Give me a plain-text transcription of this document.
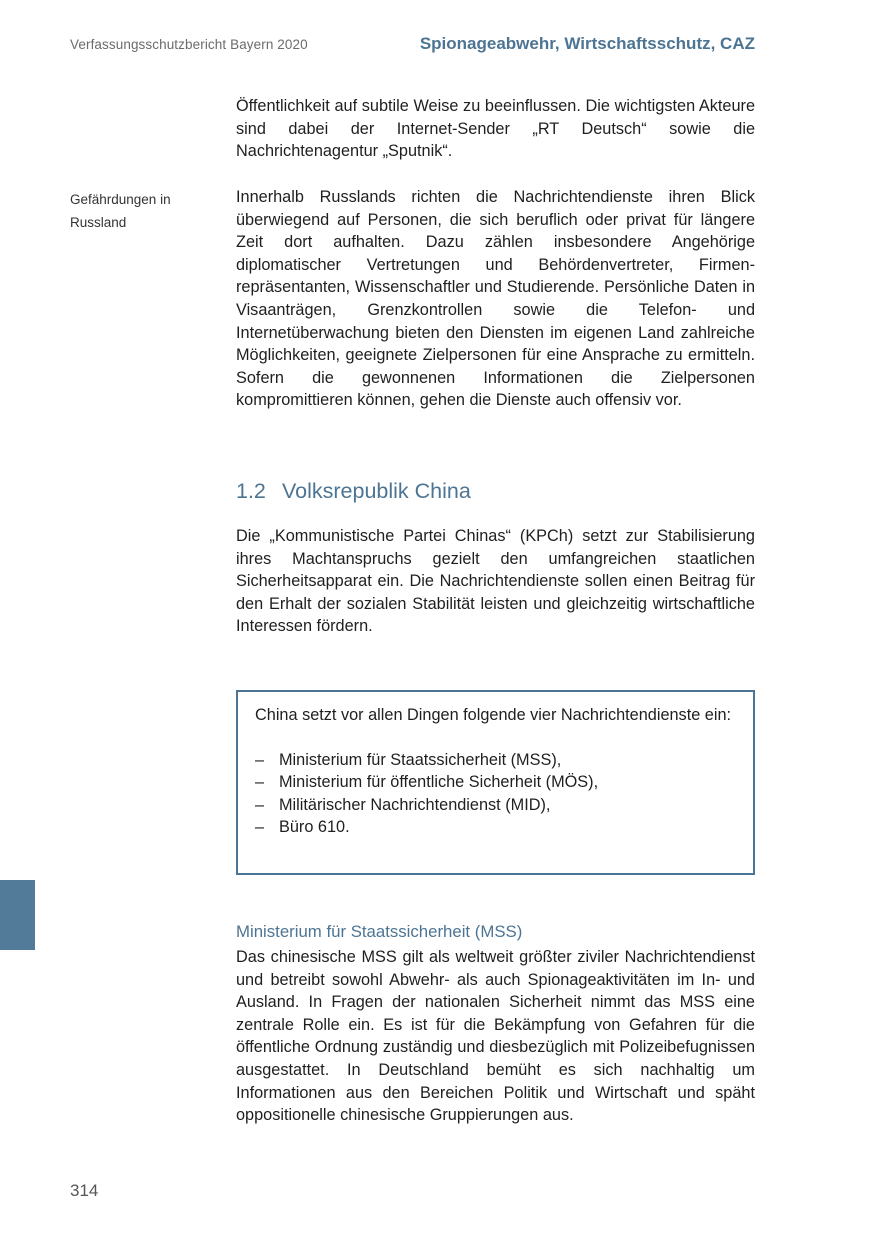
Verfassungsschutzbericht Bayern 2020	Spionageabwehr, Wirtschaftsschutz, CAZ
Öffentlichkeit auf subtile Weise zu beeinflussen. Die wichtigsten Akteure sind dabei der Internet-Sender „RT Deutsch“ sowie die Nachrichtenagentur „Sputnik“.
Gefährdungen in Russland
Innerhalb Russlands richten die Nachrichtendienste ihren Blick überwiegend auf Personen, die sich beruflich oder privat für längere Zeit dort aufhalten. Dazu zählen insbesondere Angehörige diplomatischer Vertretungen und Behördenvertreter, Firmenrepräsentanten, Wissenschaftler und Studierende. Persönliche Daten in Visaanträgen, Grenzkontrollen sowie die Telefon- und Internetüberwachung bieten den Diensten im eigenen Land zahlreiche Möglichkeiten, geeignete Zielpersonen für eine Ansprache zu ermitteln. Sofern die gewonnenen Informationen die Zielpersonen kompromittieren können, gehen die Dienste auch offensiv vor.
1.2 Volksrepublik China
Die „Kommunistische Partei Chinas“ (KPCh) setzt zur Stabilisierung ihres Machtanspruchs gezielt den umfangreichen staatlichen Sicherheitsapparat ein. Die Nachrichtendienste sollen einen Beitrag für den Erhalt der sozialen Stabilität leisten und gleichzeitig wirtschaftliche Interessen fördern.

China setzt vor allen Dingen folgende vier Nachrichtendienste ein:

– Ministerium für Staatssicherheit (MSS),
– Ministerium für öffentliche Sicherheit (MÖS),
– Militärischer Nachrichtendienst (MID),
– Büro 610.
Ministerium für Staatssicherheit (MSS)
Das chinesische MSS gilt als weltweit größter ziviler Nachrichtendienst und betreibt sowohl Abwehr- als auch Spionageaktivitäten im In- und Ausland. In Fragen der nationalen Sicherheit nimmt das MSS eine zentrale Rolle ein. Es ist für die Bekämpfung von Gefahren für die öffentliche Ordnung zuständig und diesbezüglich mit Polizeibefugnissen ausgestattet. In Deutschland bemüht es sich nachhaltig um Informationen aus den Bereichen Politik und Wirtschaft und späht oppositionelle chinesische Gruppierungen aus.
314
